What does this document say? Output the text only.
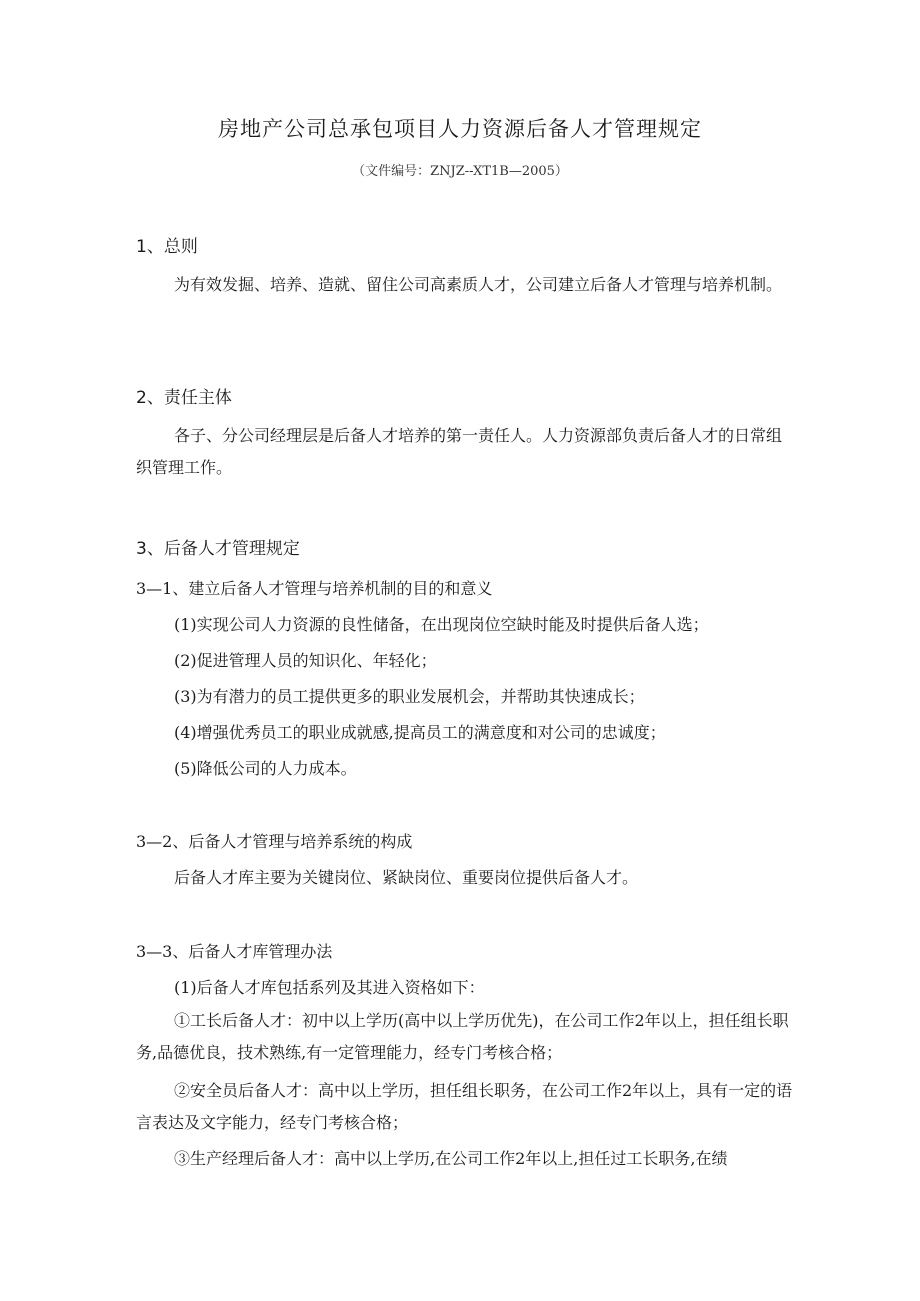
房地产公司总承包项目人力资源后备人才管理规定
（文件编号：ZNJZ--XT1B—2005）
1、总则
为有效发掘、培养、造就、留住公司高素质人才，公司建立后备人才管理与培养机制。
2、责任主体
各子、分公司经理层是后备人才培养的第一责任人。人力资源部负责后备人才的日常组织管理工作。
3、后备人才管理规定
3—1、建立后备人才管理与培养机制的目的和意义
(1)实现公司人力资源的良性储备，在出现岗位空缺时能及时提供后备人选；
(2)促进管理人员的知识化、年轻化；
(3)为有潜力的员工提供更多的职业发展机会，并帮助其快速成长；
(4)增强优秀员工的职业成就感,提高员工的满意度和对公司的忠诚度；
(5)降低公司的人力成本。
3—2、后备人才管理与培养系统的构成
后备人才库主要为关键岗位、紧缺岗位、重要岗位提供后备人才。
3—3、后备人才库管理办法
(1)后备人才库包括系列及其进入资格如下：
①工长后备人才：初中以上学历(高中以上学历优先)，在公司工作2年以上，担任组长职务,品德优良，技术熟练,有一定管理能力，经专门考核合格；
②安全员后备人才：高中以上学历，担任组长职务，在公司工作2年以上，具有一定的语言表达及文字能力，经专门考核合格；
③生产经理后备人才：高中以上学历,在公司工作2年以上,担任过工长职务,在绩
